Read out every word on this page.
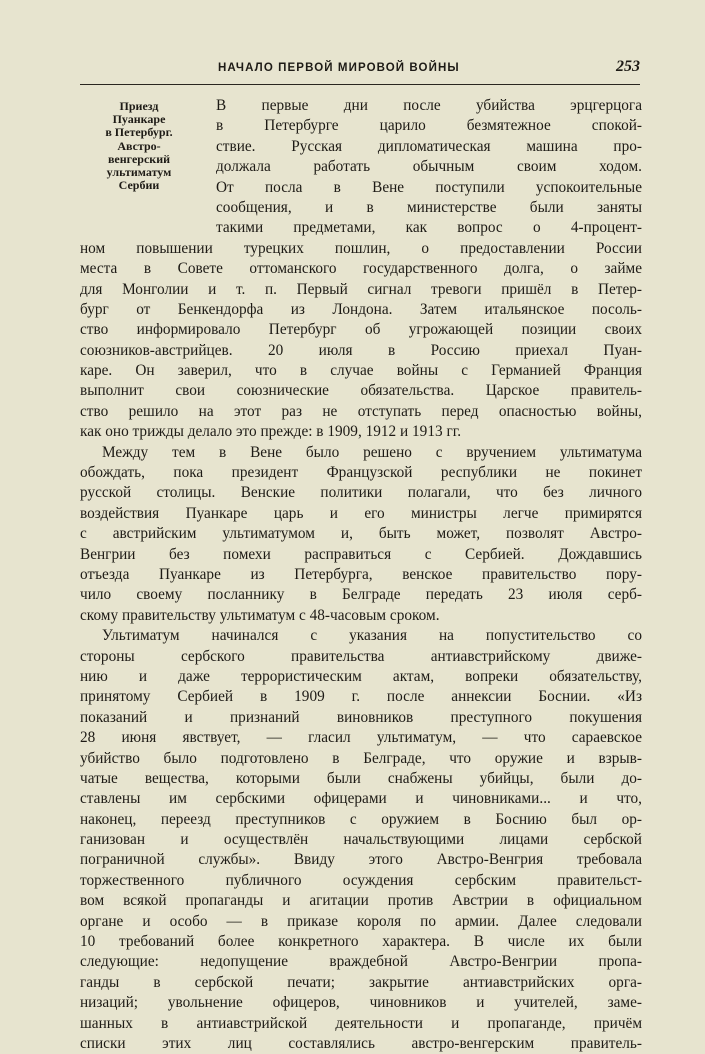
НАЧАЛО ПЕРВОЙ МИРОВОЙ ВОЙНЫ	253
Приезд
Пуанкаре
в Петербург.
Австро-
венгерский
ультиматум
Сербии
В первые дни после убийства эрцгерцога
в Петербурге царило безмятежное спокой-
ствие. Русская дипломатическая машина про-
должала работать обычным своим ходом.
От посла в Вене поступили успокоительные
сообщения, и в министерстве были заняты
такими предметами, как вопрос о 4-процент-
ном повышении турецких пошлин, о предоставлении России
места в Совете оттоманского государственного долга, о займе
для Монголии и т. п. Первый сигнал тревоги пришёл в Петер-
бург от Бенкендорфа из Лондона. Затем итальянское посоль-
ство информировало Петербург об угрожающей позиции своих
союзников-австрийцев. 20 июля в Россию приехал Пуан-
каре. Он заверил, что в случае войны с Германией Франция
выполнит свои союзнические обязательства. Царское правитель-
ство решило на этот раз не отступать перед опасностью войны,
как оно трижды делало это прежде: в 1909, 1912 и 1913 гг.
Между тем в Вене было решено с вручением ультиматума
обождать, пока президент Французской республики не покинет
русской столицы. Венские политики полагали, что без личного
воздействия Пуанкаре царь и его министры легче примирятся
с австрийским ультиматумом и, быть может, позволят Австро-
Венгрии без помехи расправиться с Сербией. Дождавшись
отъезда Пуанкаре из Петербурга, венское правительство пору-
чило своему посланнику в Белграде передать 23 июля серб-
скому правительству ультиматум с 48-часовым сроком.
Ультиматум начинался с указания на попустительство со
стороны сербского правительства антиавстрийскому движе-
нию и даже террористическим актам, вопреки обязательству,
принятому Сербией в 1909 г. после аннексии Боснии. «Из
показаний и признаний виновников преступного покушения
28 июня явствует, — гласил ультиматум, — что сараевское
убийство было подготовлено в Белграде, что оружие и взрыв-
чатые вещества, которыми были снабжены убийцы, были до-
ставлены им сербскими офицерами и чиновниками... и что,
наконец, переезд преступников с оружием в Боснию был ор-
ганизован и осуществлён начальствующими лицами сербской
пограничной службы». Ввиду этого Австро-Венгрия требовала
торжественного публичного осуждения сербским правительст-
вом всякой пропаганды и агитации против Австрии в официальном
органе и особо — в приказе короля по армии. Далее следовали
10 требований более конкретного характера. В числе их были
следующие: недопущение враждебной Австро-Венгрии пропа-
ганды в сербской печати; закрытие антиавстрийских орга-
низаций; увольнение офицеров, чиновников и учителей, заме-
шанных в антиавстрийской деятельности и пропаганде, причём
списки этих лиц составлялись австро-венгерским правитель-
